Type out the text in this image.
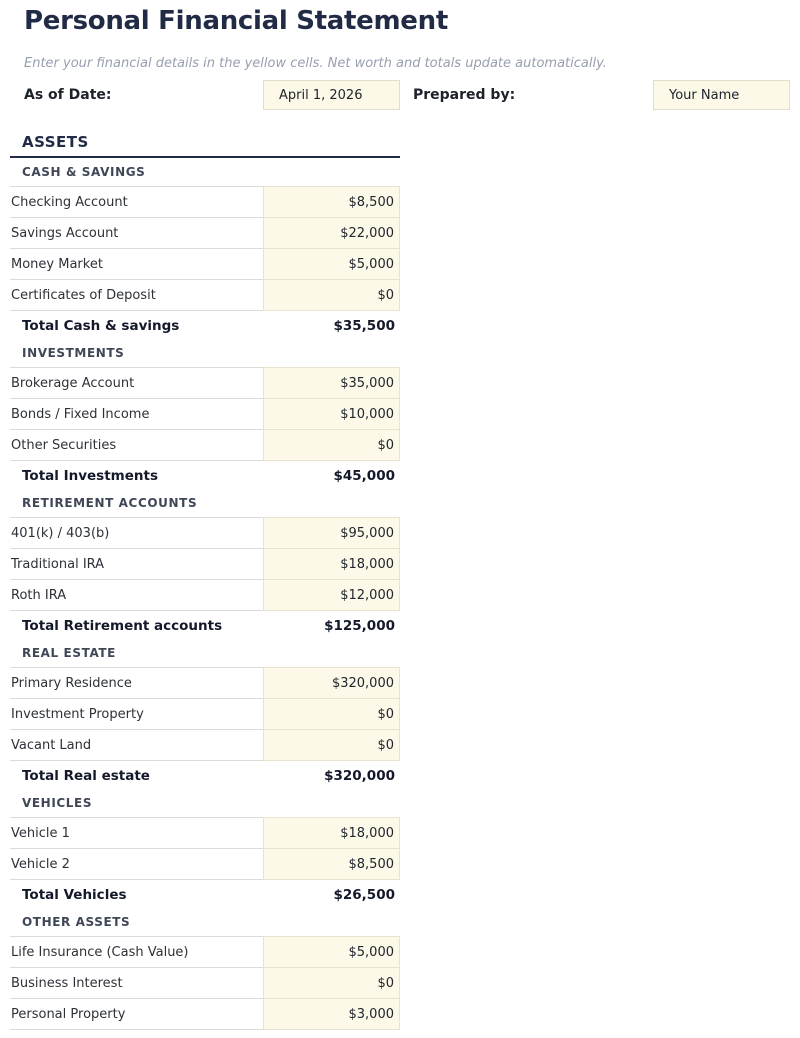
Personal Financial Statement
Enter your financial details in the yellow cells. Net worth and totals update automatically.
As of Date:
April 1, 2026	Prepared by:
Your Name
ASSETS
CASH & SAVINGS
Checking Account	$8,500
Savings Account	$22,000
Money Market	$5,000
Certificates of Deposit	$0
Total Cash & savings	$35,500
INVESTMENTS
Brokerage Account	$35,000
Bonds / Fixed Income	$10,000
Other Securities	$0
Total Investments	$45,000
RETIREMENT ACCOUNTS
401(k) / 403(b)	$95,000
Traditional IRA	$18,000
Roth IRA	$12,000
Total Retirement accounts	$125,000
REAL ESTATE
Primary Residence	$320,000
Investment Property	$0
Vacant Land	$0
Total Real estate	$320,000
VEHICLES
Vehicle 1	$18,000
Vehicle 2	$8,500
Total Vehicles	$26,500
OTHER ASSETS
Life Insurance (Cash Value)	$5,000
Business Interest	$0
Personal Property	$3,000
